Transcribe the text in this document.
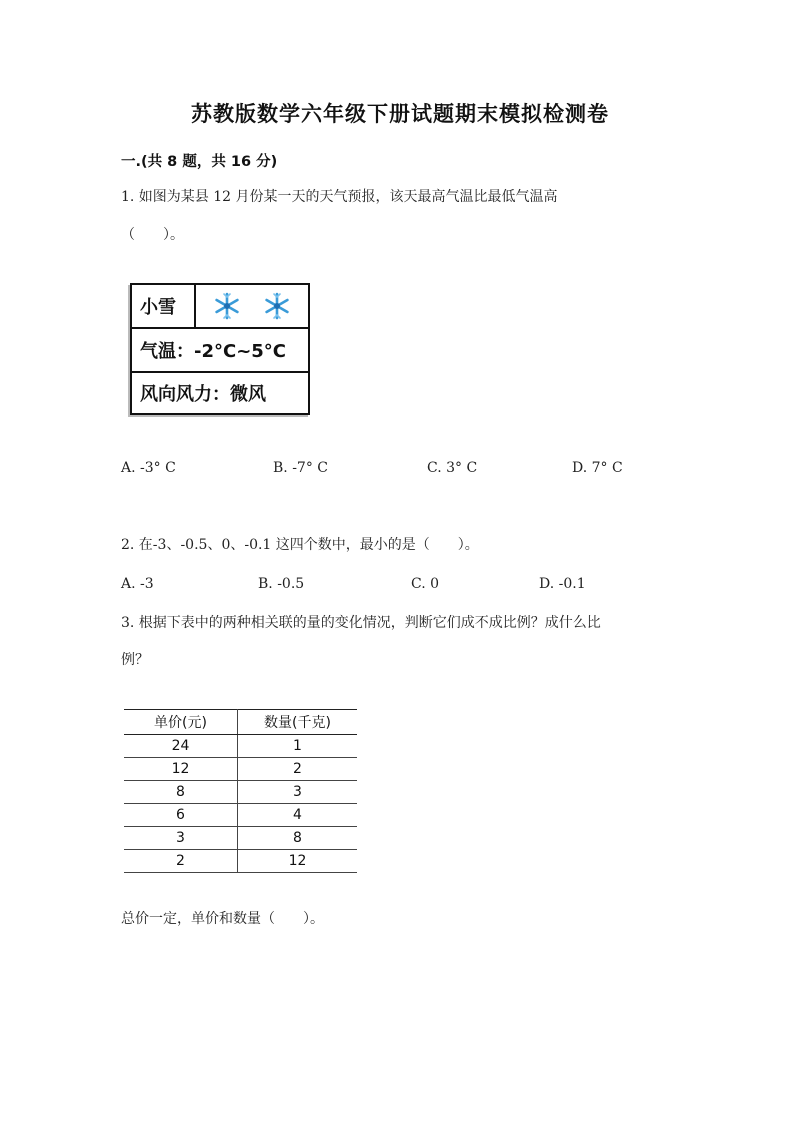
苏教版数学六年级下册试题期末模拟检测卷
一.(共 8 题，共 16 分)
1. 如图为某县 12 月份某一天的天气预报，该天最高气温比最低气温高
（　　）。
小雪
气温：-2°C~5°C
风向风力：微风
A. -3° C	B. -7° C	C. 3° C	D. 7° C
2. 在-3、-0.5、0、-0.1 这四个数中，最小的是（　　）。
A. -3	B. -0.5	C. 0	D. -0.1
3. 根据下表中的两种相关联的量的变化情况，判断它们成不成比例？成什么比
例？
单价(元)	数量(千克)
24	1
12	2
8	3
6	4
3	8
2	12
总价一定，单价和数量（　　）。
